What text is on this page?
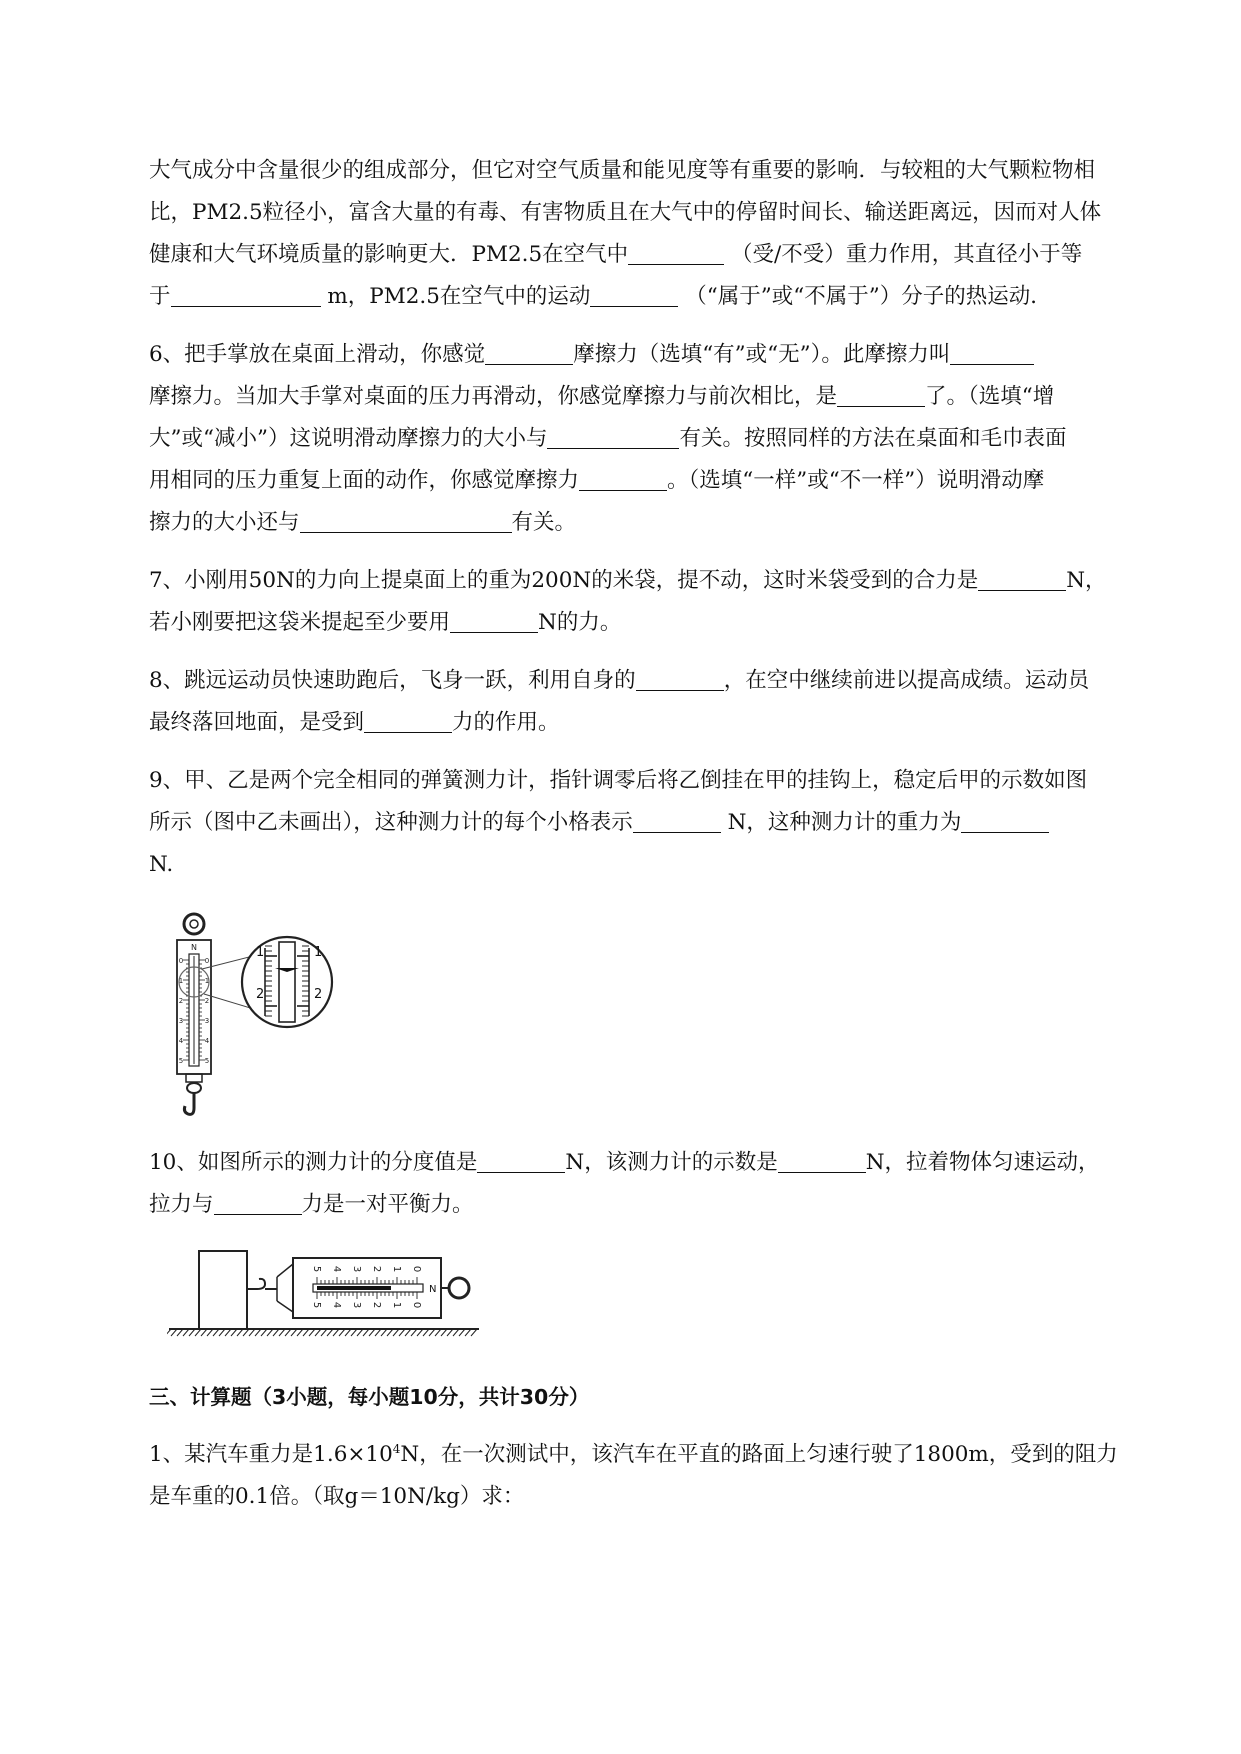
大气成分中含量很少的组成部分，但它对空气质量和能见度等有重要的影响．与较粗的大气颗粒物相
比，PM2.5粒径小，富含大量的有毒、有害物质且在大气中的停留时间长、输送距离远，因而对人体
健康和大气环境质量的影响更大．PM2.5在空气中	（受/不受）重力作用，其直径小于等
于	m，PM2.5在空气中的运动	（“属于”或“不属于”）分子的热运动．
6、把手掌放在桌面上滑动，你感觉	摩擦力（选填“有”或“无”）。此摩擦力叫
摩擦力。当加大手掌对桌面的压力再滑动，你感觉摩擦力与前次相比，是	了。（选填“增
大”或“减小”）这说明滑动摩擦力的大小与	有关。按照同样的方法在桌面和毛巾表面
用相同的压力重复上面的动作，你感觉摩擦力	。（选填“一样”或“不一样”）说明滑动摩
擦力的大小还与	有关。
7、小刚用50N的力向上提桌面上的重为200N的米袋，提不动，这时米袋受到的合力是	N，
若小刚要把这袋米提起至少要用	N的力。
8、跳远运动员快速助跑后，飞身一跃，利用自身的	，在空中继续前进以提高成绩。运动员
最终落回地面，是受到	力的作用。
9、甲、乙是两个完全相同的弹簧测力计，指针调零后将乙倒挂在甲的挂钩上，稳定后甲的示数如图
所示（图中乙未画出），这种测力计的每个小格表示	N，这种测力计的重力为
N.
N
0	0
1	1
2	2
3	3
4	4
5	5
1	1
2	2
10、如图所示的测力计的分度值是	N，该测力计的示数是	N，拉着物体匀速运动，
拉力与	力是一对平衡力。
5
5
4
4
3
3
2
2
1
1
0
0
N
三、计算题（3小题，每小题10分，共计30分）
1、某汽车重力是$1.6\times 10^4N$，在一次测试中，该汽车在平直的路面上匀速行驶了1800m，受到的阻力
是车重的0.1倍。（取g＝10N/kg）求：
